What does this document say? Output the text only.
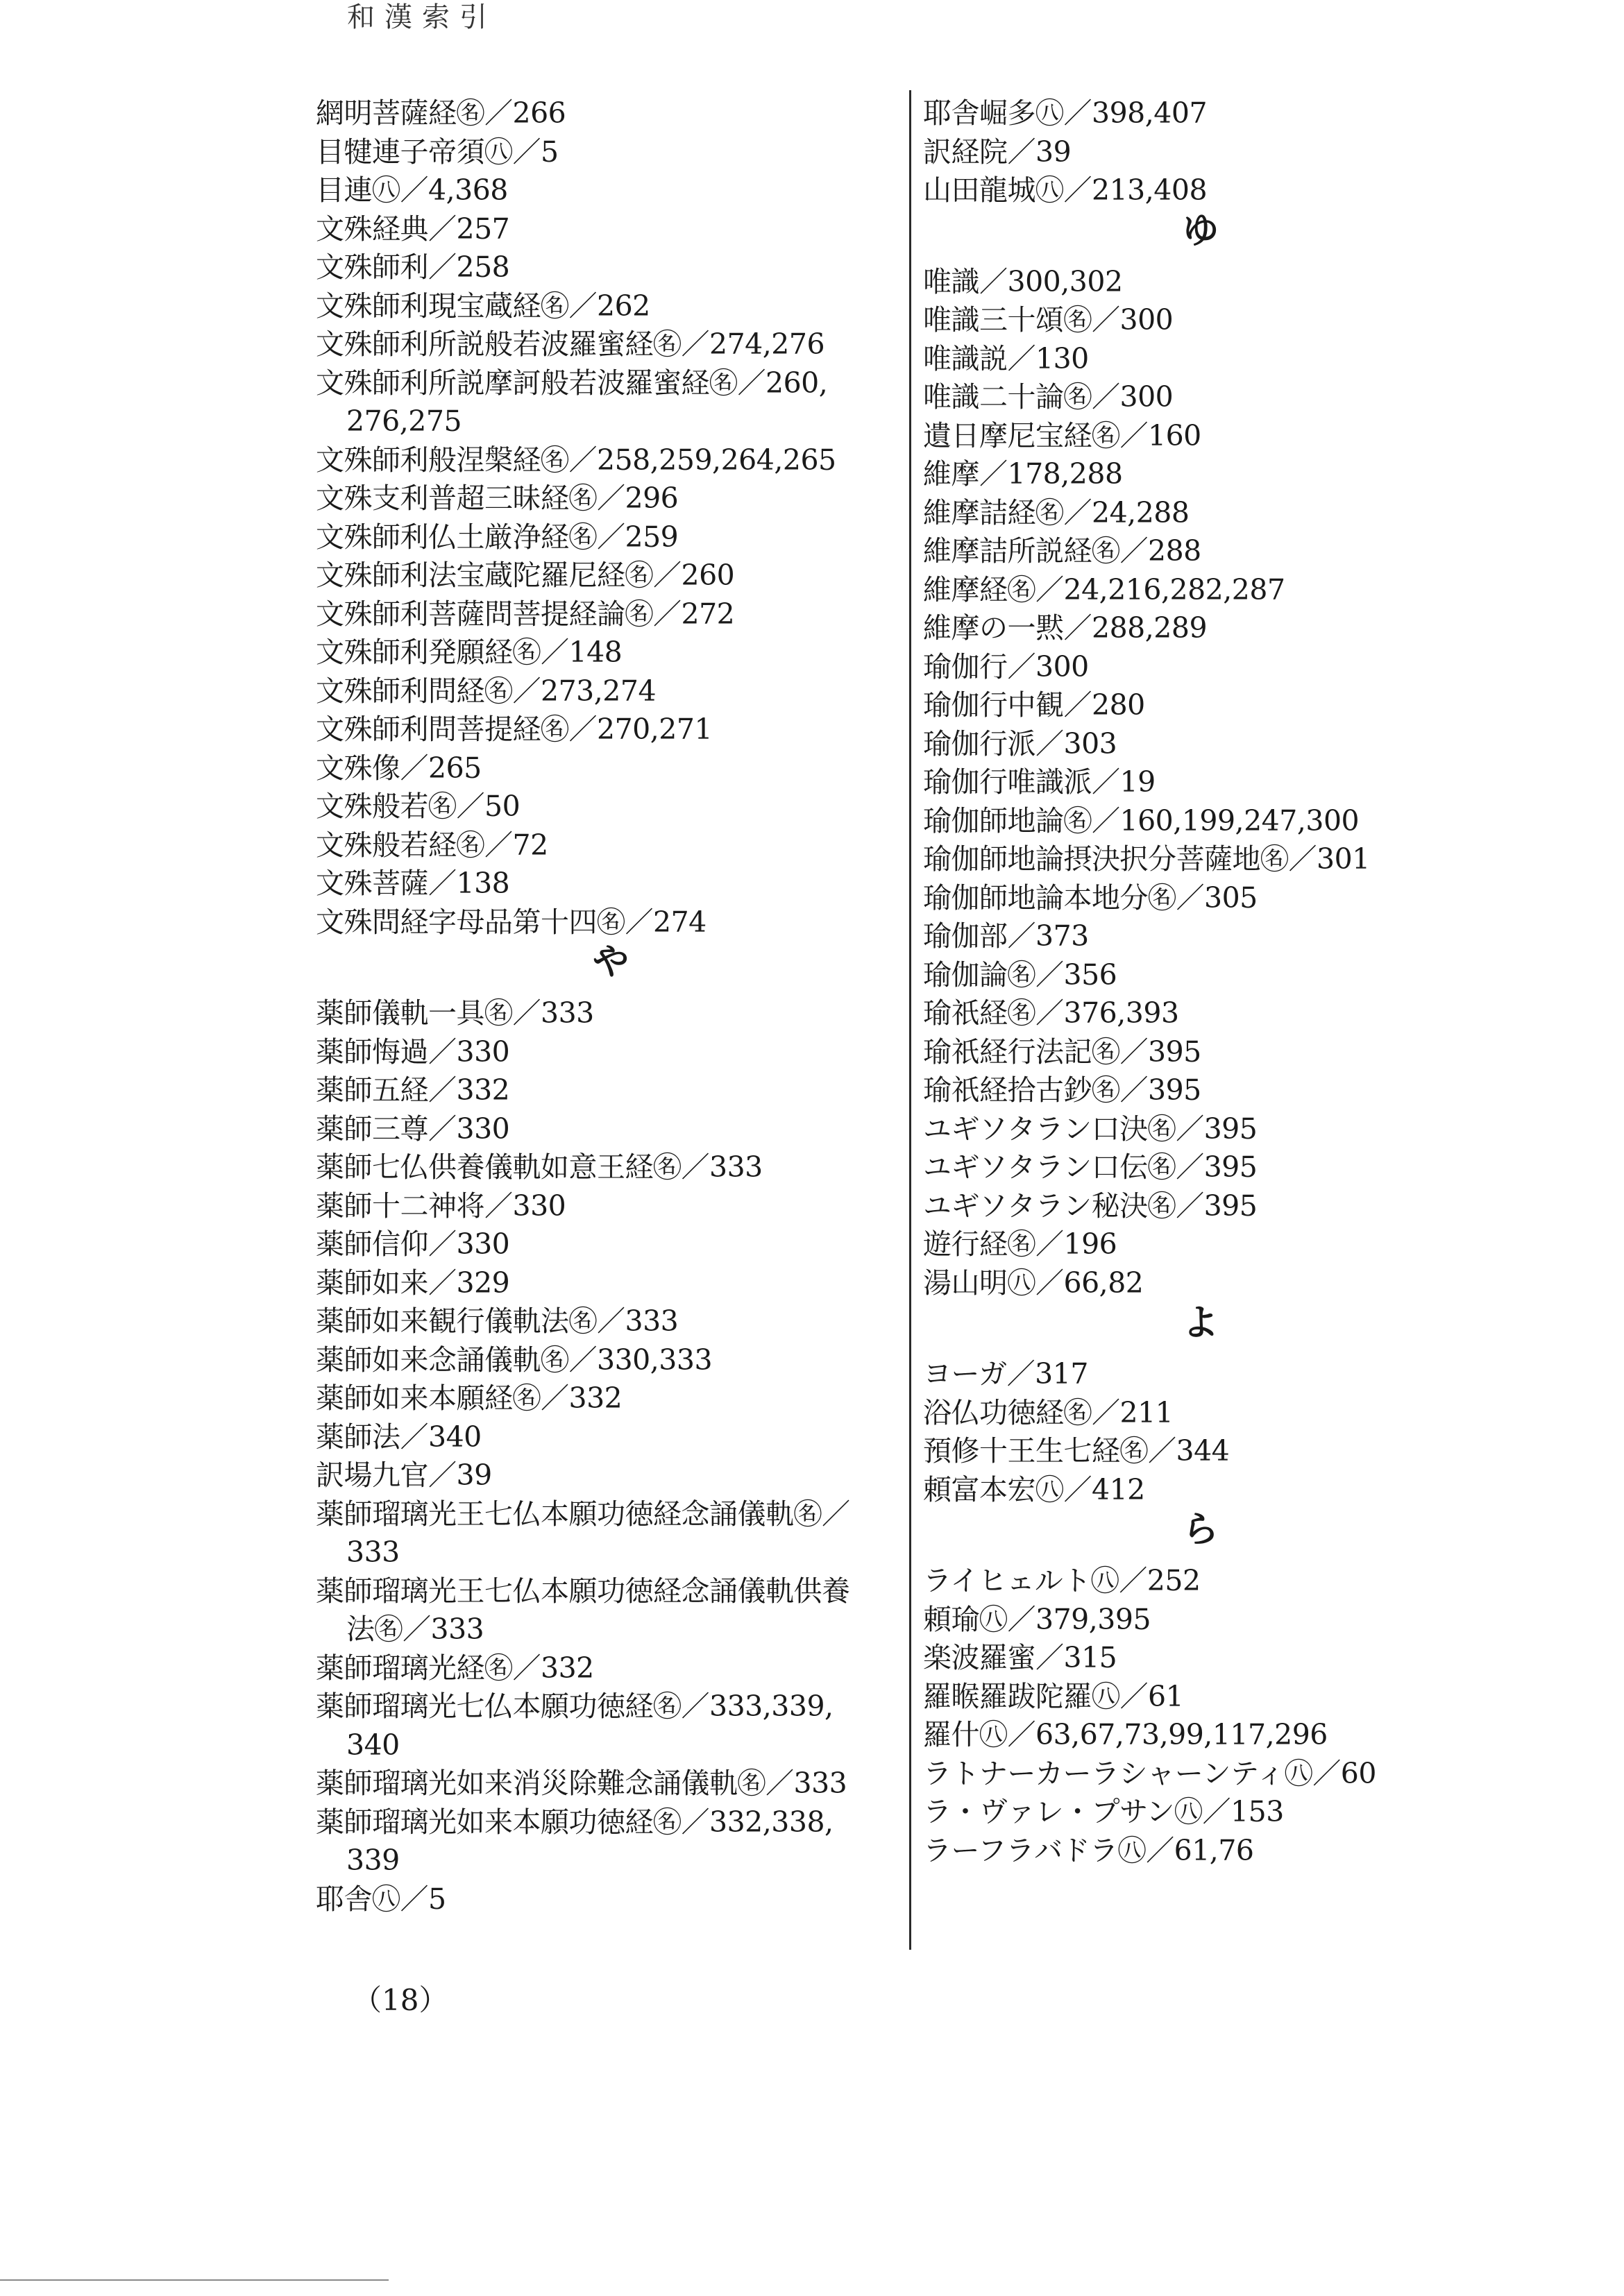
和漢索引
網明菩薩経㊔／266
目犍連子帝須㊇／5
目連㊇／4,368
文殊経典／257
文殊師利／258
文殊師利現宝蔵経㊔／262
文殊師利所説般若波羅蜜経㊔／274,276
文殊師利所説摩訶般若波羅蜜経㊔／260,
276,275
文殊師利般涅槃経㊔／258,259,264,265
文殊支利普超三昧経㊔／296
文殊師利仏土厳浄経㊔／259
文殊師利法宝蔵陀羅尼経㊔／260
文殊師利菩薩問菩提経論㊔／272
文殊師利発願経㊔／148
文殊師利問経㊔／273,274
文殊師利問菩提経㊔／270,271
文殊像／265
文殊般若㊔／50
文殊般若経㊔／72
文殊菩薩／138
文殊問経字母品第十四㊔／274
や
薬師儀軌一具㊔／333
薬師悔過／330
薬師五経／332
薬師三尊／330
薬師七仏供養儀軌如意王経㊔／333
薬師十二神将／330
薬師信仰／330
薬師如来／329
薬師如来観行儀軌法㊔／333
薬師如来念誦儀軌㊔／330,333
薬師如来本願経㊔／332
薬師法／340
訳場九官／39
薬師瑠璃光王七仏本願功徳経念誦儀軌㊔／
333
薬師瑠璃光王七仏本願功徳経念誦儀軌供養
法㊔／333
薬師瑠璃光経㊔／332
薬師瑠璃光七仏本願功徳経㊔／333,339,
340
薬師瑠璃光如来消災除難念誦儀軌㊔／333
薬師瑠璃光如来本願功徳経㊔／332,338,
339
耶舎㊇／5
耶舎崛多㊇／398,407
訳経院／39
山田龍城㊇／213,408
ゆ
唯識／300,302
唯識三十頌㊔／300
唯識説／130
唯識二十論㊔／300
遺日摩尼宝経㊔／160
維摩／178,288
維摩詰経㊔／24,288
維摩詰所説経㊔／288
維摩経㊔／24,216,282,287
維摩の一黙／288,289
瑜伽行／300
瑜伽行中観／280
瑜伽行派／303
瑜伽行唯識派／19
瑜伽師地論㊔／160,199,247,300
瑜伽師地論摂決択分菩薩地㊔／301
瑜伽師地論本地分㊔／305
瑜伽部／373
瑜伽論㊔／356
瑜祇経㊔／376,393
瑜祇経行法記㊔／395
瑜祇経拾古鈔㊔／395
ユギソタラン口決㊔／395
ユギソタラン口伝㊔／395
ユギソタラン秘決㊔／395
遊行経㊔／196
湯山明㊇／66,82
よ
ヨーガ／317
浴仏功徳経㊔／211
預修十王生七経㊔／344
頼富本宏㊇／412
ら
ライヒェルト㊇／252
頼瑜㊇／379,395
楽波羅蜜／315
羅睺羅跋陀羅㊇／61
羅什㊇／63,67,73,99,117,296
ラトナーカーラシャーンティ㊇／60
ラ・ヴァレ・プサン㊇／153
ラーフラバドラ㊇／61,76
（18）
